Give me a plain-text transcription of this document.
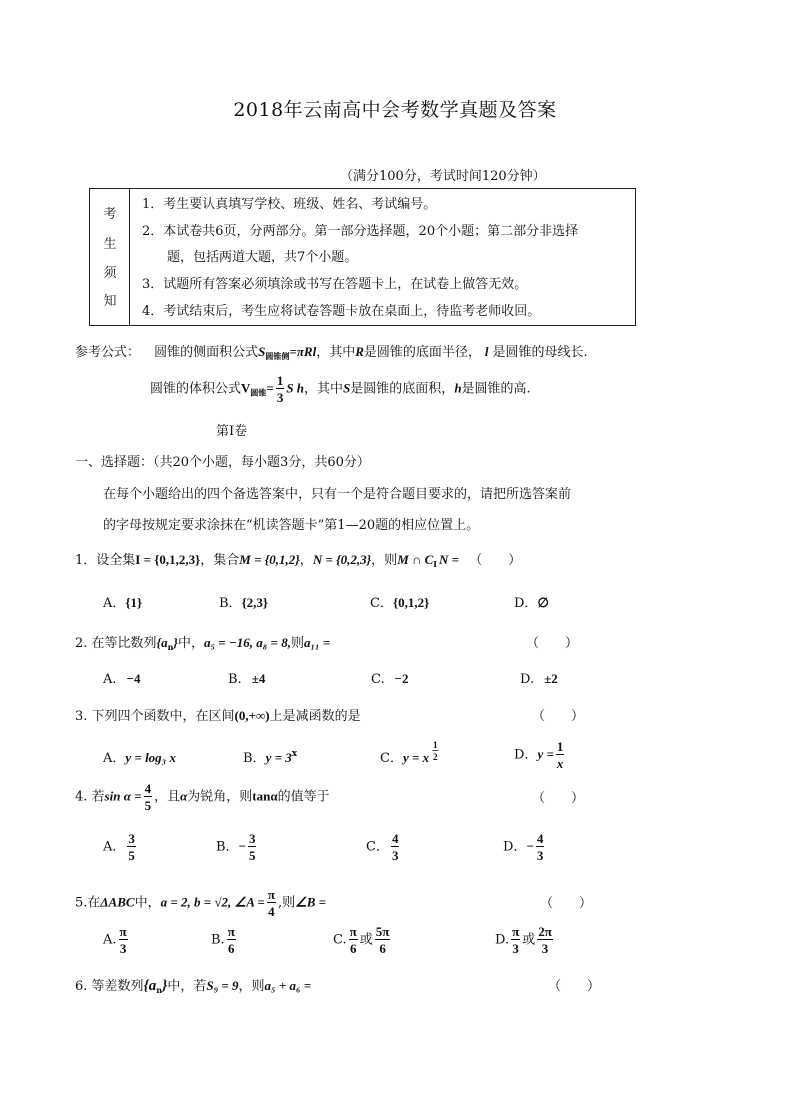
2018年云南高中会考数学真题及答案
（满分100分，考试时间120分钟）
考
生
须
知
1．考生要认真填写学校、班级、姓名、考试编号。
2．本试卷共6页，分两部分。第一部分选择题，20个小题；第二部分非选择
题，包括两道大题，共7个小题。
3．试题所有答案必须填涂或书写在答题卡上，在试卷上做答无效。
4．考试结束后，考生应将试卷答题卡放在桌面上，待监考老师收回。
参考公式： 圆锥的侧面积公式$S_{圆锥侧}=\pi Rl$，其中R是圆锥的底面半径， l 是圆锥的母线长.
圆锥的体积公式$V_{圆锥}= \frac{1}{3}$ S h，其中S是圆锥的底面积，h是圆锥的高.
第Ⅰ卷
一、选择题：（共20个小题，每小题3分，共60分）
在每个小题给出的四个备选答案中，只有一个是符合题目要求的，请把所选答案前
的字母按规定要求涂抹在“机读答题卡”第1—20题的相应位置上。
1．设全集I = {0,1,2,3}，集合M = {0,1,2}，N = {0,2,3}，则M ∩ $C_I$ N = （　　）
A．{1}	B．{2,3}	C．{0,1,2}	D．∅
2. 在等比数列$\{a_n\}$中，a₅ = −16, a₈ = 8,则a₁₁ =	（　　）
A. −4	B. ±4	C. −2	D. ±2
3. 下列四个函数中，在区间(0,+∞)上是减函数的是	（　　）
A．y = log₃ x	B．$y = 3^x$	C．y = x $\frac{1}{2}$	D．$y = \frac{1}{x}$
4. 若$\sin \alpha = \frac{4}{5}$ ，且α为锐角，则tanα的值等于	（　　）
A． $\frac{3}{5}$	B．− $\frac{3}{5}$	C． $\frac{4}{3}$	D．− $\frac{4}{3}$
5.在ΔABC中，a = 2, b = √2, ∠A = $\frac{\pi}{4}$ ,则∠B =	（　　）
A. $\frac{\pi}{3}$	B. $\frac{\pi}{6}$	C. $\frac{\pi}{6}$ 或 $\frac{5\pi}{6}$	D. $\frac{\pi}{3}$ 或 $\frac{2\pi}{3}$
6. 等差数列$\{a_n\}$中，若S₉ = 9，则a₅ + a₆ =	（　　）
